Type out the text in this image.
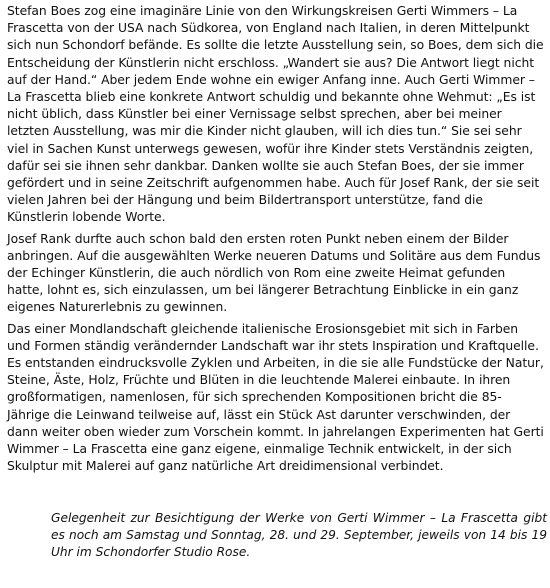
Stefan Boes zog eine imaginäre Linie von den Wirkungskreisen Gerti Wimmers – La Frascetta von der USA nach Südkorea, von England nach Italien, in deren Mittelpunkt sich nun Schondorf befände. Es sollte die letzte Ausstellung sein, so Boes, dem sich die Entscheidung der Künstlerin nicht erschloss. „Wandert sie aus? Die Antwort liegt nicht auf der Hand.“ Aber jedem Ende wohne ein ewiger Anfang inne. Auch Gerti Wimmer – La Frascetta blieb eine konkrete Antwort schuldig und bekannte ohne Wehmut: „Es ist nicht üblich, dass Künstler bei einer Vernissage selbst sprechen, aber bei meiner letzten Ausstellung, was mir die Kinder nicht glauben, will ich dies tun.“ Sie sei sehr viel in Sachen Kunst unterwegs gewesen, wofür ihre Kinder stets Verständnis zeigten, dafür sei sie ihnen sehr dankbar. Danken wollte sie auch Stefan Boes, der sie immer gefördert und in seine Zeitschrift aufgenommen habe. Auch für Josef Rank, der sie seit vielen Jahren bei der Hängung und beim Bildertransport unterstütze, fand die Künstlerin lobende Worte.

Josef Rank durfte auch schon bald den ersten roten Punkt neben einem der Bilder anbringen. Auf die ausgewählten Werke neueren Datums und Solitäre aus dem Fundus der Echinger Künstlerin, die auch nördlich von Rom eine zweite Heimat gefunden hatte, lohnt es, sich einzulassen, um bei längerer Betrachtung Einblicke in ein ganz eigenes Naturerlebnis zu gewinnen.

Das einer Mondlandschaft gleichende italienische Erosionsgebiet mit sich in Farben und Formen ständig verändernder Landschaft war ihr stets Inspiration und Kraftquelle. Es entstanden eindrucksvolle Zyklen und Arbeiten, in die sie alle Fundstücke der Natur, Steine, Äste, Holz, Früchte und Blüten in die leuchtende Malerei einbaute. In ihren großformatigen, namenlosen, für sich sprechenden Kompositionen bricht die 85-Jährige die Leinwand teilweise auf, lässt ein Stück Ast darunter verschwinden, der dann weiter oben wieder zum Vorschein kommt. In jahrelangen Experimenten hat Gerti Wimmer – La Frascetta eine ganz eigene, einmalige Technik entwickelt, in der sich Skulptur mit Malerei auf ganz natürliche Art dreidimensional verbindet.

Gelegenheit zur Besichtigung der Werke von Gerti Wimmer – La Frascetta gibt es noch am Samstag und Sonntag, 28. und 29. September, jeweils von 14 bis 19 Uhr im Schondorfer Studio Rose.
